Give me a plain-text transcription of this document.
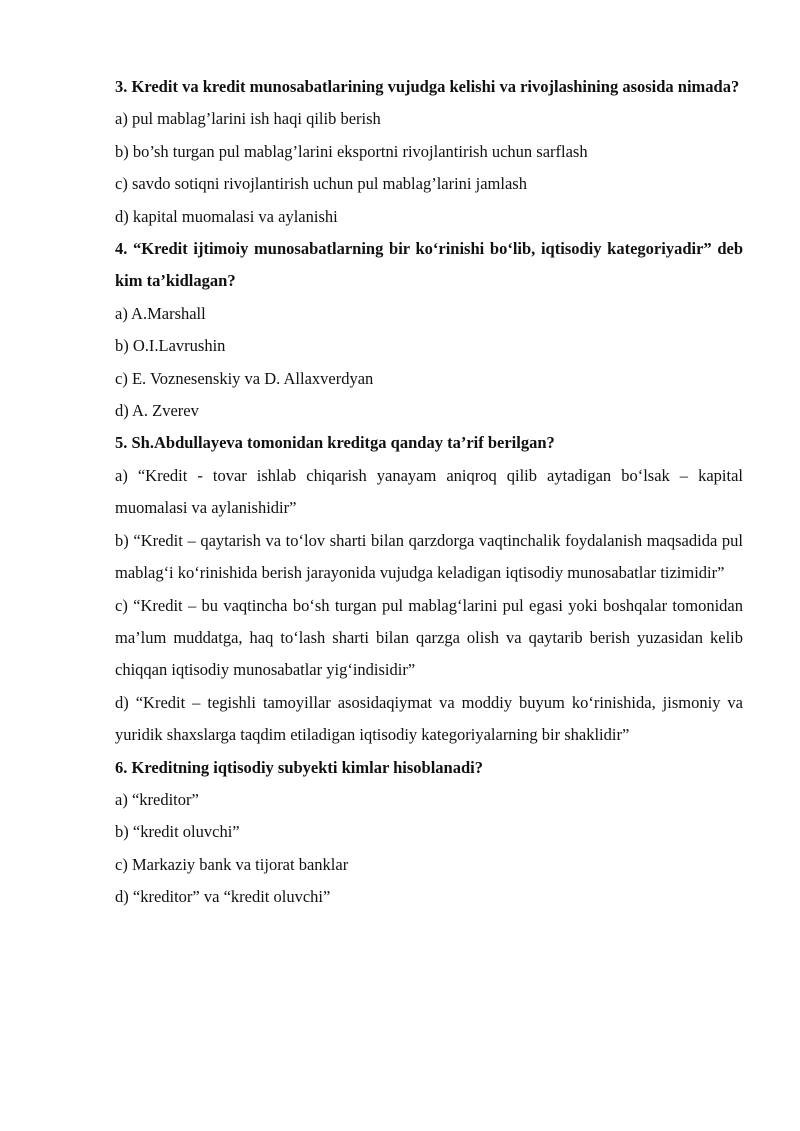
3. Kredit va kredit munosabatlarining vujudga kelishi va rivojlashining asosida nimada?

a) pul mablag’larini ish haqi qilib berish

b) bo’sh turgan pul mablag’larini eksportni rivojlantirish uchun sarflash

c) savdo sotiqni rivojlantirish uchun pul mablag’larini jamlash

d) kapital muomalasi va aylanishi

4. “Kredit ijtimoiy munosabatlarning bir ko‘rinishi bo‘lib, iqtisodiy kategoriyadir” deb kim ta’kidlagan?

a) A.Marshall

b) O.I.Lavrushin

c) E. Voznesenskiy va D. Allaxverdyan

d) A. Zverev

5. Sh.Abdullayeva tomonidan kreditga qanday ta’rif berilgan?

a) “Kredit - tovar ishlab chiqarish yanayam aniqroq qilib aytadigan bo‘lsak – kapital muomalasi va aylanishidir”

b) “Kredit – qaytarish va to‘lov sharti bilan qarzdorga vaqtinchalik foydalanish maqsadida pul mablag‘i ko‘rinishida berish jarayonida vujudga keladigan iqtisodiy munosabatlar tizimidir”

c) “Kredit – bu vaqtincha bo‘sh turgan pul mablag‘larini pul egasi yoki boshqalar tomonidan ma’lum muddatga, haq to‘lash sharti bilan qarzga olish va qaytarib berish yuzasidan kelib chiqqan iqtisodiy munosabatlar yig‘indisidir”

d) “Kredit – tegishli tamoyillar asosidaqiymat va moddiy buyum ko‘rinishida, jismoniy va yuridik shaxslarga taqdim etiladigan iqtisodiy kategoriyalarning bir shaklidir”

6. Kreditning iqtisodiy subyekti kimlar hisoblanadi?

a) “kreditor”

b) “kredit oluvchi”

c) Markaziy bank va tijorat banklar

d) “kreditor” va “kredit oluvchi”
